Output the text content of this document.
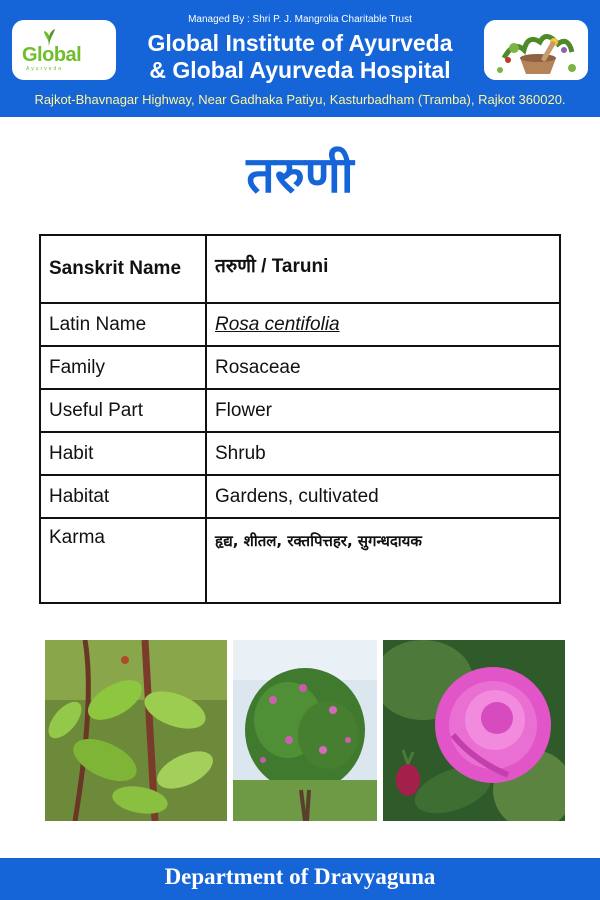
Managed By : Shri P. J. Mangrolia Charitable Trust
Global
Ayurveda
Global Institute of Ayurveda
& Global Ayurveda Hospital
Rajkot-Bhavnagar Highway, Near Gadhaka Patiyu, Kasturbadham (Tramba), Rajkot 360020.
तरुणी
Sanskrit Name	तरुणी / Taruni
Latin Name	Rosa centifolia
Family	Rosaceae
Useful Part	Flower
Habit	Shrub
Habitat	Gardens, cultivated
Karma	हृद्य, शीतल, रक्तपित्तहर, सुगन्धदायक
Department of Dravyaguna
